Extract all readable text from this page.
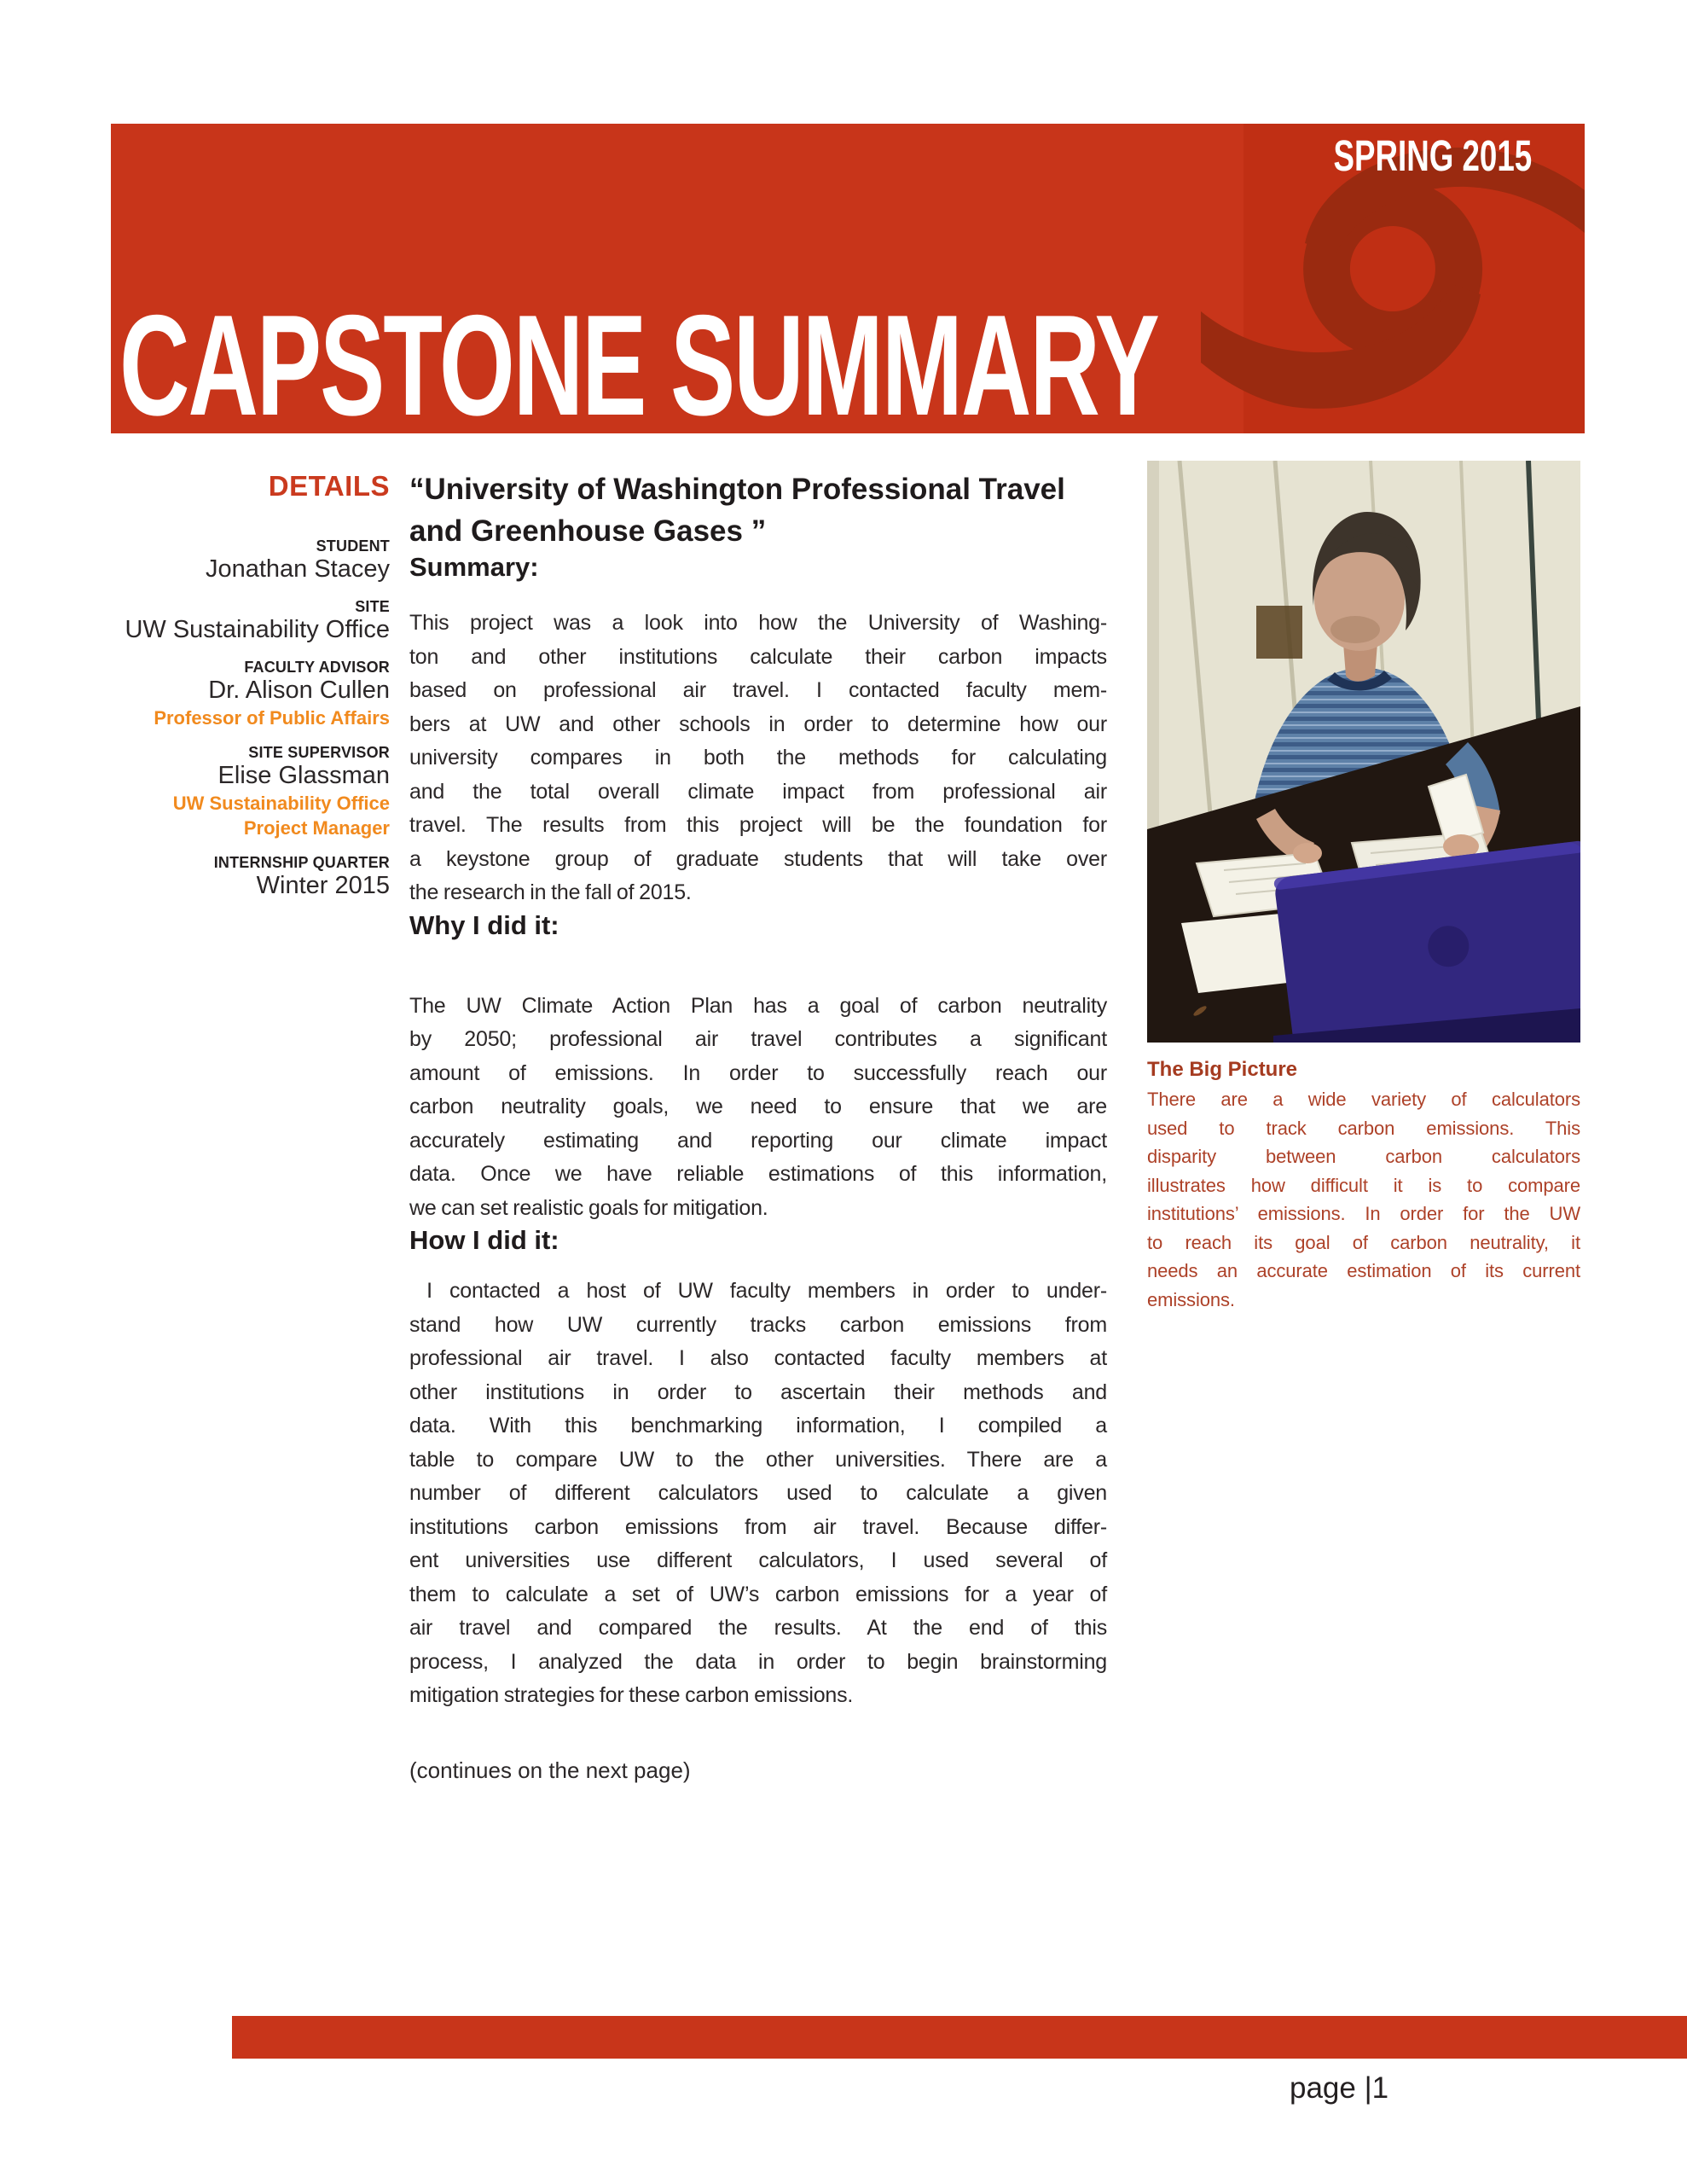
SPRING 2015
CAPSTONE SUMMARY
DETAILS
STUDENT
Jonathan Stacey
SITE
UW Sustainability Office
FACULTY ADVISOR
Dr. Alison Cullen
Professor of Public Affairs
SITE SUPERVISOR
Elise Glassman
UW Sustainability Office
Project Manager
INTERNSHIP QUARTER
Winter 2015
“University of Washington Professional Travel
and Greenhouse Gases ”
Summary:
This project was a look into how the University of Washing-
ton and other institutions calculate their carbon impacts
based on professional air travel. I contacted faculty mem-
bers at UW and other schools in order to determine how our
university compares in both the methods for calculating
and the total overall climate impact from professional air
travel. The results from this project will be the foundation for
a keystone group of graduate students that will take over
the research in the fall of 2015.
Why I did it:
The UW Climate Action Plan has a goal of carbon neutrality
by 2050; professional air travel contributes a significant
amount of emissions. In order to successfully reach our
carbon neutrality goals, we need to ensure that we are
accurately estimating and reporting our climate impact
data. Once we have reliable estimations of this information,
we can set realistic goals for mitigation.
How I did it:
I contacted a host of UW faculty members in order to under-
stand how UW currently tracks carbon emissions from
professional air travel. I also contacted faculty members at
other institutions in order to ascertain their methods and
data. With this benchmarking information, I compiled a
table to compare UW to the other universities. There are a
number of different calculators used to calculate a given
institutions carbon emissions from air travel. Because differ-
ent universities use different calculators, I used several of
them to calculate a set of UW’s carbon emissions for a year of
air travel and compared the results. At the end of this
process, I analyzed the data in order to begin brainstorming
mitigation strategies for these carbon emissions.
(continues on the next page)
The Big Picture
There are a wide variety of calculators
used to track carbon emissions. This
disparity between carbon calculators
illustrates how difficult it is to compare
institutions’ emissions. In order for the UW
to reach its goal of carbon neutrality, it
needs an accurate estimation of its current
emissions.
page |1
